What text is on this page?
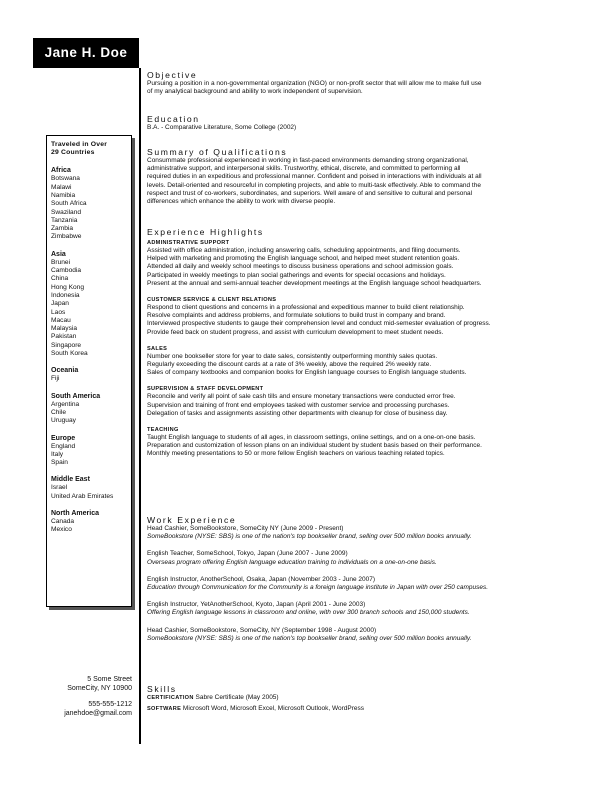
Jane H. Doe
Traveled in Over
29 Countries
Africa
Botswana
Malawi
Namibia
South Africa
Swaziland
Tanzania
Zambia
Zimbabwe
Asia
Brunei
Cambodia
China
Hong Kong
Indonesia
Japan
Laos
Macau
Malaysia
Pakistan
Singapore
South Korea
Oceania
Fiji
South America
Argentina
Chile
Uruguay
Europe
England
Italy
Spain
Middle East
Israel
United Arab Emirates
North America
Canada
Mexico
5 Some Street
SomeCity, NY 10900
555-555-1212
janehdoe@gmail.com
Objective
Pursuing a position in a non-governmental organization (NGO) or non-profit sector that will allow me to make full use
of my analytical background and ability to work independent of supervision.
Education
B.A. - Comparative Literature, Some College (2002)
Summary of Qualifications
Consummate professional experienced in working in fast-paced environments demanding strong organizational,
administrative support, and interpersonal skills. Trustworthy, ethical, discrete, and committed to performing all
required duties in an expeditious and professional manner. Confident and poised in interactions with individuals at all
levels. Detail-oriented and resourceful in completing projects, and able to multi-task effectively. Able to command the
respect and trust of co-workers, subordinates, and superiors. Well aware of and sensitive to cultural and personal
differences which enhance the ability to work with diverse people.
Experience Highlights
ADMINISTRATIVE SUPPORT
Assisted with office administration, including answering calls, scheduling appointments, and filing documents.
Helped with marketing and promoting the English language school, and helped meet student retention goals.
Attended all daily and weekly school meetings to discuss business operations and school admission goals.
Participated in weekly meetings to plan social gatherings and events for special occasions and holidays.
Present at the annual and semi-annual teacher development meetings at the English language school headquarters.
CUSTOMER SERVICE & CLIENT RELATIONS
Respond to client questions and concerns in a professional and expeditious manner to build client relationship.
Resolve complaints and address problems, and formulate solutions to build trust in company and brand.
Interviewed prospective students to gauge their comprehension level and conduct mid-semester evaluation of progress.
Provide feed back on student progress, and assist with curriculum development to meet student needs.
SALES
Number one bookseller store for year to date sales, consistently outperforming monthly sales quotas.
Regularly exceeding the discount cards at a rate of 3% weekly, above the required 2% weekly rate.
Sales of company textbooks and companion books for English language courses to English language students.
SUPERVISION & STAFF DEVELOPMENT
Reconcile and verify all point of sale cash tills and ensure monetary transactions were conducted error free.
Supervision and training of front end employees tasked with customer service and processing purchases.
Delegation of tasks and assignments assisting other departments with cleanup for close of business day.
TEACHING
Taught English language to students of all ages, in classroom settings, online settings, and on a one-on-one basis.
Preparation and customization of lesson plans on an individual student by student basis based on their performance.
Monthly meeting presentations to 50 or more fellow English teachers on various teaching related topics.
Work Experience
Head Cashier, SomeBookstore, SomeCity NY (June 2009 - Present)
SomeBookstore (NYSE: SBS) is one of the nation's top bookseller brand, selling over 500 million books annually.
English Teacher, SomeSchool, Tokyo, Japan (June 2007 - June 2009)
Overseas program offering English language education training to individuals on a one-on-one basis.
English Instructor, AnotherSchool, Osaka, Japan (November 2003 - June 2007)
Education through Communication for the Community is a foreign language institute in Japan with over 250 campuses.
English Instructor, YetAnotherSchool, Kyoto, Japan (April 2001 - June 2003)
Offering English language lessons in classroom and online, with over 300 branch schools and 150,000 students.
Head Cashier, SomeBookstore, SomeCity, NY (September 1998 - August 2000)
SomeBookstore (NYSE: SBS) is one of the nation's top bookseller brand, selling over 500 million books annually.
Skills
CERTIFICATION Sabre Certificate (May 2005)
SOFTWARE Microsoft Word, Microsoft Excel, Microsoft Outlook, WordPress
